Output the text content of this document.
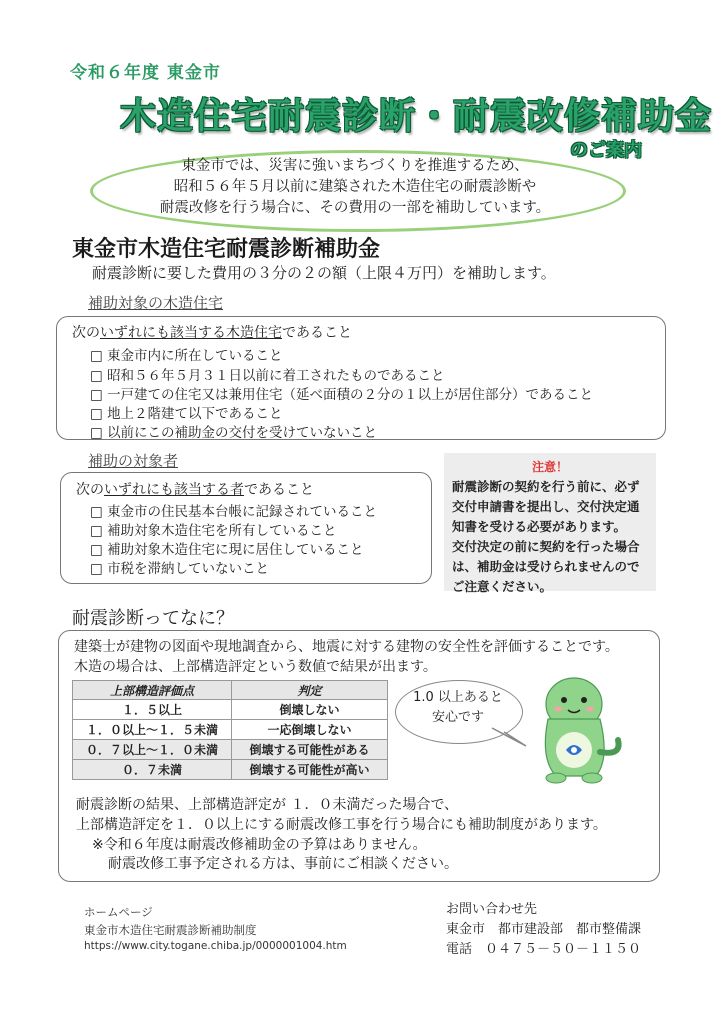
令和６年度 東金市
木造住宅耐震診断・耐震改修補助金
のご案内
東金市では、災害に強いまちづくりを推進するため、
昭和５６年５月以前に建築された木造住宅の耐震診断や
耐震改修を行う場合に、その費用の一部を補助しています。
東金市木造住宅耐震診断補助金
耐震診断に要した費用の３分の２の額（上限４万円）を補助します。
補助対象の木造住宅
次のいずれにも該当する木造住宅であること
□ 東金市内に所在していること
□ 昭和５６年５月３１日以前に着工されたものであること
□ 一戸建ての住宅又は兼用住宅（延べ面積の２分の１以上が居住部分）であること
□ 地上２階建て以下であること
□ 以前にこの補助金の交付を受けていないこと
補助の対象者
次のいずれにも該当する者であること
□ 東金市の住民基本台帳に記録されていること
□ 補助対象木造住宅を所有していること
□ 補助対象木造住宅に現に居住していること
□ 市税を滞納していないこと
注意！
耐震診断の契約を行う前に、必ず
交付申請書を提出し、交付決定通
知書を受ける必要があります。
交付決定の前に契約を行った場合
は、補助金は受けられませんので
ご注意ください。
耐震診断ってなに？
建築士が建物の図面や現地調査から、地震に対する建物の安全性を評価することです。
木造の場合は、上部構造評定という数値で結果が出ます。
上部構造評価点	判定
１．５以上	倒壊しない
１．０以上～１．５未満	一応倒壊しない
０．７以上～１．０未満	倒壊する可能性がある
０．７未満	倒壊する可能性が高い
1.0 以上あると
安心です
耐震診断の結果、上部構造評定が １．０未満だった場合で、
上部構造評定を１．０以上にする耐震改修工事を行う場合にも補助制度があります。
※令和６年度は耐震改修補助金の予算はありません。
耐震改修工事予定される方は、事前にご相談ください。
ホームページ
東金市木造住宅耐震診断補助制度
https://www.city.togane.chiba.jp/0000001004.htm
お問い合わせ先
東金市　都市建設部　都市整備課
電話　０４７５－５０－１１５０
